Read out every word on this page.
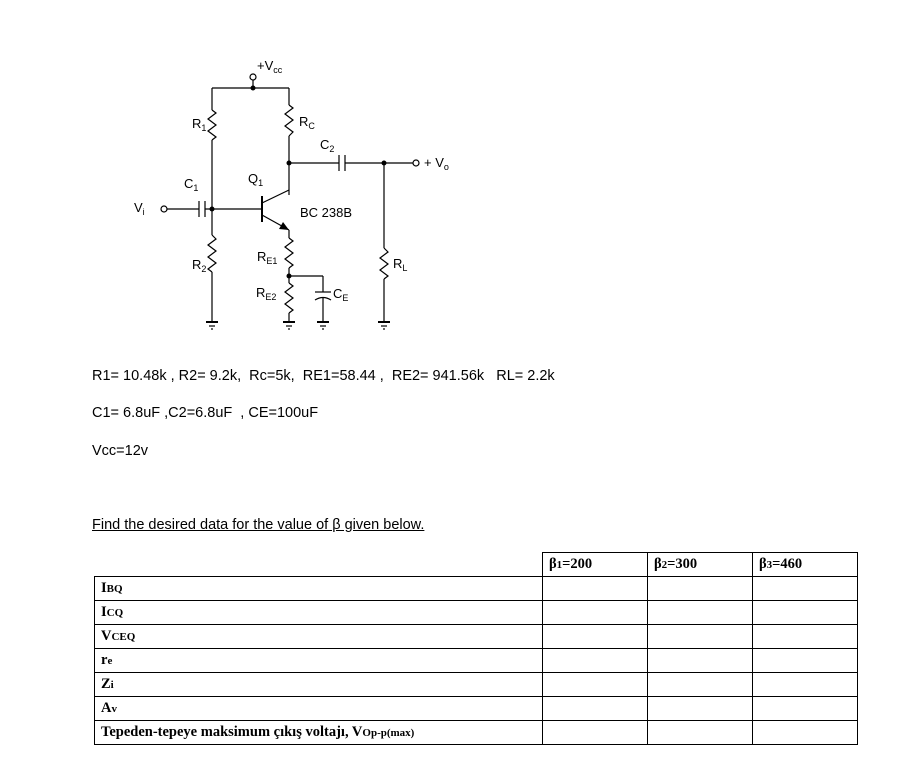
$+V_{cc}$
$V_i$
+ $V_o$
$R_1$
$R_2$
$R_C$
$R_{E1}$
$R_{E2}$
$R_L$
$C_1$
$C_2$
$C_E$
$Q_1$
BC 238B
R1= 10.48k , R2= 9.2k,  Rc=5k,  RE1=58.44 ,  RE2= 941.56k   RL= 2.2k
C1= 6.8uF ,C2=6.8uF  , CE=100uF
Vcc=12v
Find the desired data for the value of β given below.
	β1=200	β2=300	β3=460
IBQ			
ICQ			
VCEQ			
re			
Zi			
Av			
Tepeden-tepeye maksimum çıkış voltajı, VOp-p(max)			
